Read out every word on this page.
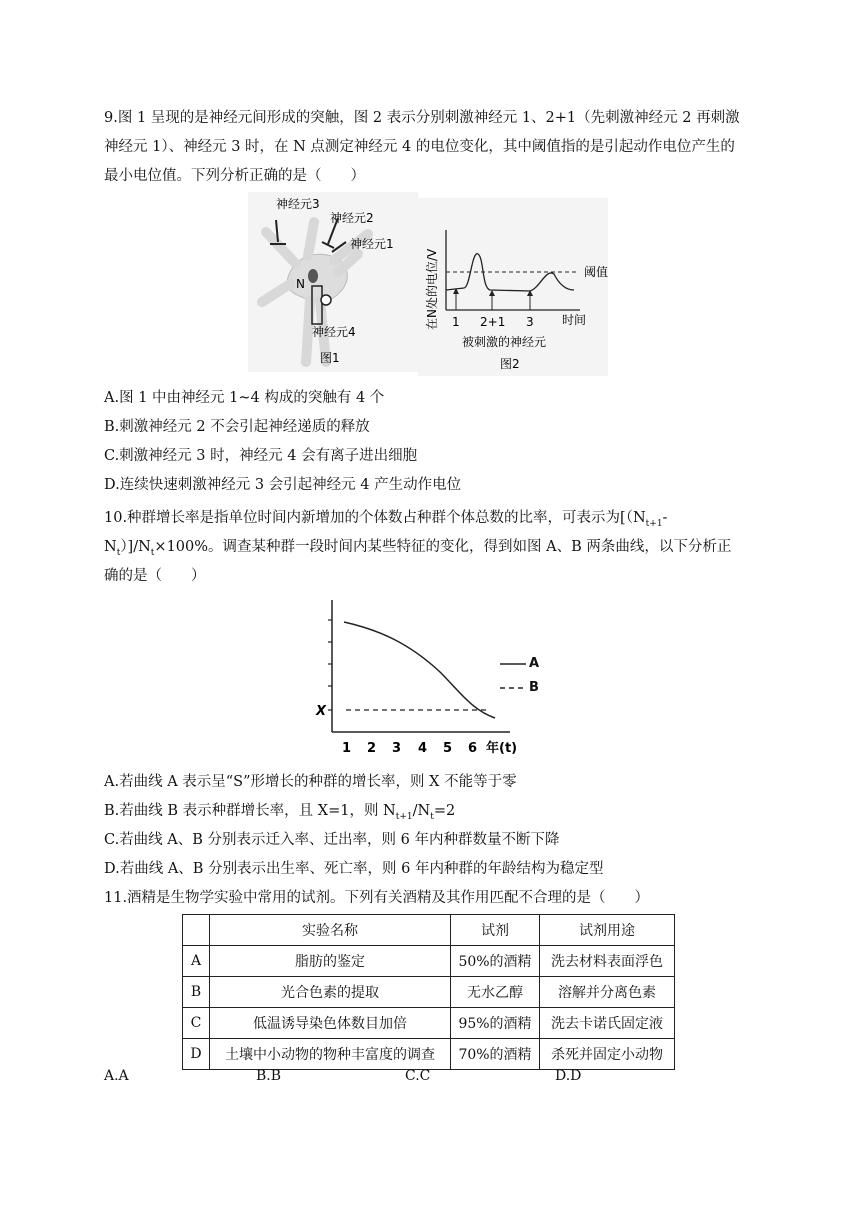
9.图 1 呈现的是神经元间形成的突触，图 2 表示分别刺激神经元 1、2+1（先刺激神经元 2 再刺激
神经元 1）、神经元 3 时，在 N 点测定神经元 4 的电位变化，其中阈值指的是引起动作电位产生的
最小电位值。下列分析正确的是（　　）
神经元3
神经元2
神经元1
N
神经元4
图1
在N处的电位/V	阈值
1 2+1 3 时间
被刺激的神经元
图2
A.图 1 中由神经元 1~4 构成的突触有 4 个
B.刺激神经元 2 不会引起神经递质的释放
C.刺激神经元 3 时，神经元 4 会有离子进出细胞
D.连续快速刺激神经元 3 会引起神经元 4 产生动作电位
10.种群增长率是指单位时间内新增加的个体数占种群个体总数的比率，可表示为[（$N_{t+1}-$
$N_t)]/N_t\times 100\%$。调查某种群一段时间内某些特征的变化，得到如图 A、B 两条曲线，以下分析正
确的是（　　）
X
1 2 3 4 5 6 年(t)
A
B
A.若曲线 A 表示呈“S”形增长的种群的增长率，则 X 不能等于零
B.若曲线 B 表示种群增长率，且 X=1，则 $N_{t+1}/N_t=2$
C.若曲线 A、B 分别表示迁入率、迁出率，则 6 年内种群数量不断下降
D.若曲线 A、B 分别表示出生率、死亡率，则 6 年内种群的年龄结构为稳定型
11.酒精是生物学实验中常用的试剂。下列有关酒精及其作用匹配不合理的是（　　）
	实验名称	试剂	试剂用途
A	脂肪的鉴定	50%的酒精	洗去材料表面浮色
B	光合色素的提取	无水乙醇	溶解并分离色素
C	低温诱导染色体数目加倍	95%的酒精	洗去卡诺氏固定液
D	土壤中小动物的物种丰富度的调查	70%的酒精	杀死并固定小动物
A.A	B.B	C.C	D.D
